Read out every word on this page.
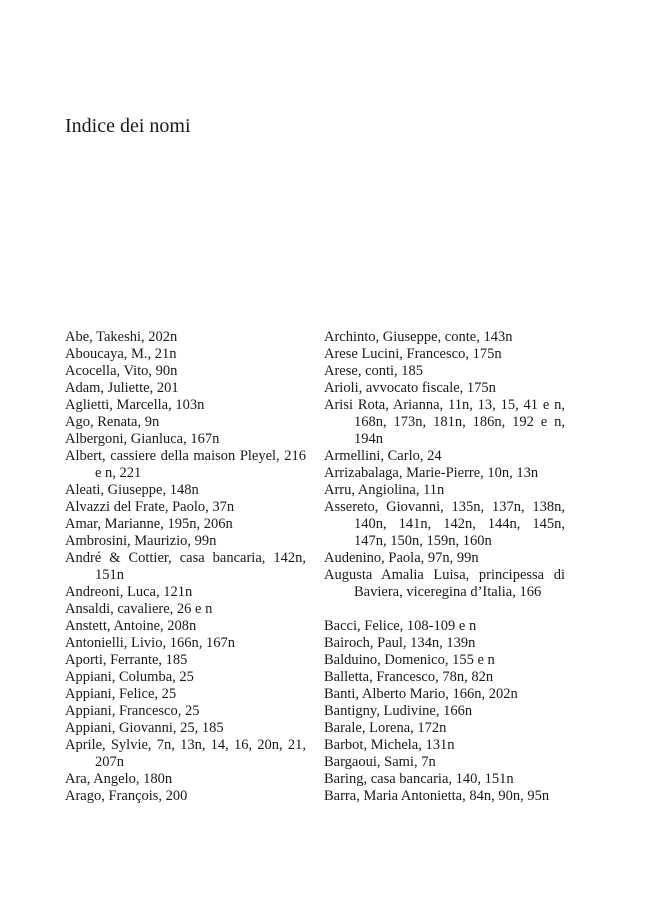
Indice dei nomi

Abe, Takeshi, 202n

Aboucaya, M., 21n

Acocella, Vito, 90n

Adam, Juliette, 201

Aglietti, Marcella, 103n

Ago, Renata, 9n

Albergoni, Gianluca, 167n

Albert, cassiere della maison Pleyel, 216 e n, 221

Aleati, Giuseppe, 148n

Alvazzi del Frate, Paolo, 37n

Amar, Marianne, 195n, 206n

Ambrosini, Maurizio, 99n

André & Cottier, casa bancaria, 142n, 151n

Andreoni, Luca, 121n

Ansaldi, cavaliere, 26 e n

Anstett, Antoine, 208n

Antonielli, Livio, 166n, 167n

Aporti, Ferrante, 185

Appiani, Columba, 25

Appiani, Felice, 25

Appiani, Francesco, 25

Appiani, Giovanni, 25, 185

Aprile, Sylvie, 7n, 13n, 14, 16, 20n, 21, 207n

Ara, Angelo, 180n

Arago, François, 200

Archinto, Giuseppe, conte, 143n

Arese Lucini, Francesco, 175n

Arese, conti, 185

Arioli, avvocato fiscale, 175n

Arisi Rota, Arianna, 11n, 13, 15, 41 e n, 168n, 173n, 181n, 186n, 192 e n, 194n

Armellini, Carlo, 24

Arrizabalaga, Marie-Pierre, 10n, 13n

Arru, Angiolina, 11n

Assereto, Giovanni, 135n, 137n, 138n, 140n, 141n, 142n, 144n, 145n, 147n, 150n, 159n, 160n

Audenino, Paola, 97n, 99n

Augusta Amalia Luisa, principessa di Baviera, viceregina d’Italia, 166

Bacci, Felice, 108-109 e n

Bairoch, Paul, 134n, 139n

Balduino, Domenico, 155 e n

Balletta, Francesco, 78n, 82n

Banti, Alberto Mario, 166n, 202n

Bantigny, Ludivine, 166n

Barale, Lorena, 172n

Barbot, Michela, 131n

Bargaoui, Sami, 7n

Baring, casa bancaria, 140, 151n

Barra, Maria Antonietta, 84n, 90n, 95n
